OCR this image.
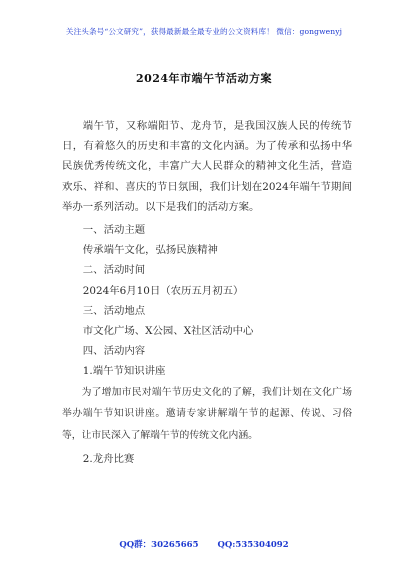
关注头条号“公文研究”，获得最新最全最专业的公文资料库！ 微信：gongwenyj
2024年市端午节活动方案

端午节，又称端阳节、龙舟节，是我国汉族人民的传统节日，有着悠久的历史和丰富的文化内涵。为了传承和弘扬中华民族优秀传统文化，丰富广大人民群众的精神文化生活，营造欢乐、祥和、喜庆的节日氛围，我们计划在2024年端午节期间举办一系列活动。以下是我们的活动方案。

一、活动主题

传承端午文化，弘扬民族精神

二、活动时间

2024年6月10日（农历五月初五）

三、活动地点

市文化广场、X公园、X社区活动中心

四、活动内容

1.端午节知识讲座

为了增加市民对端午节历史文化的了解，我们计划在文化广场举办端午节知识讲座。邀请专家讲解端午节的起源、传说、习俗等，让市民深入了解端午节的传统文化内涵。

2.龙舟比赛

QQ群：30265665 QQ:535304092
